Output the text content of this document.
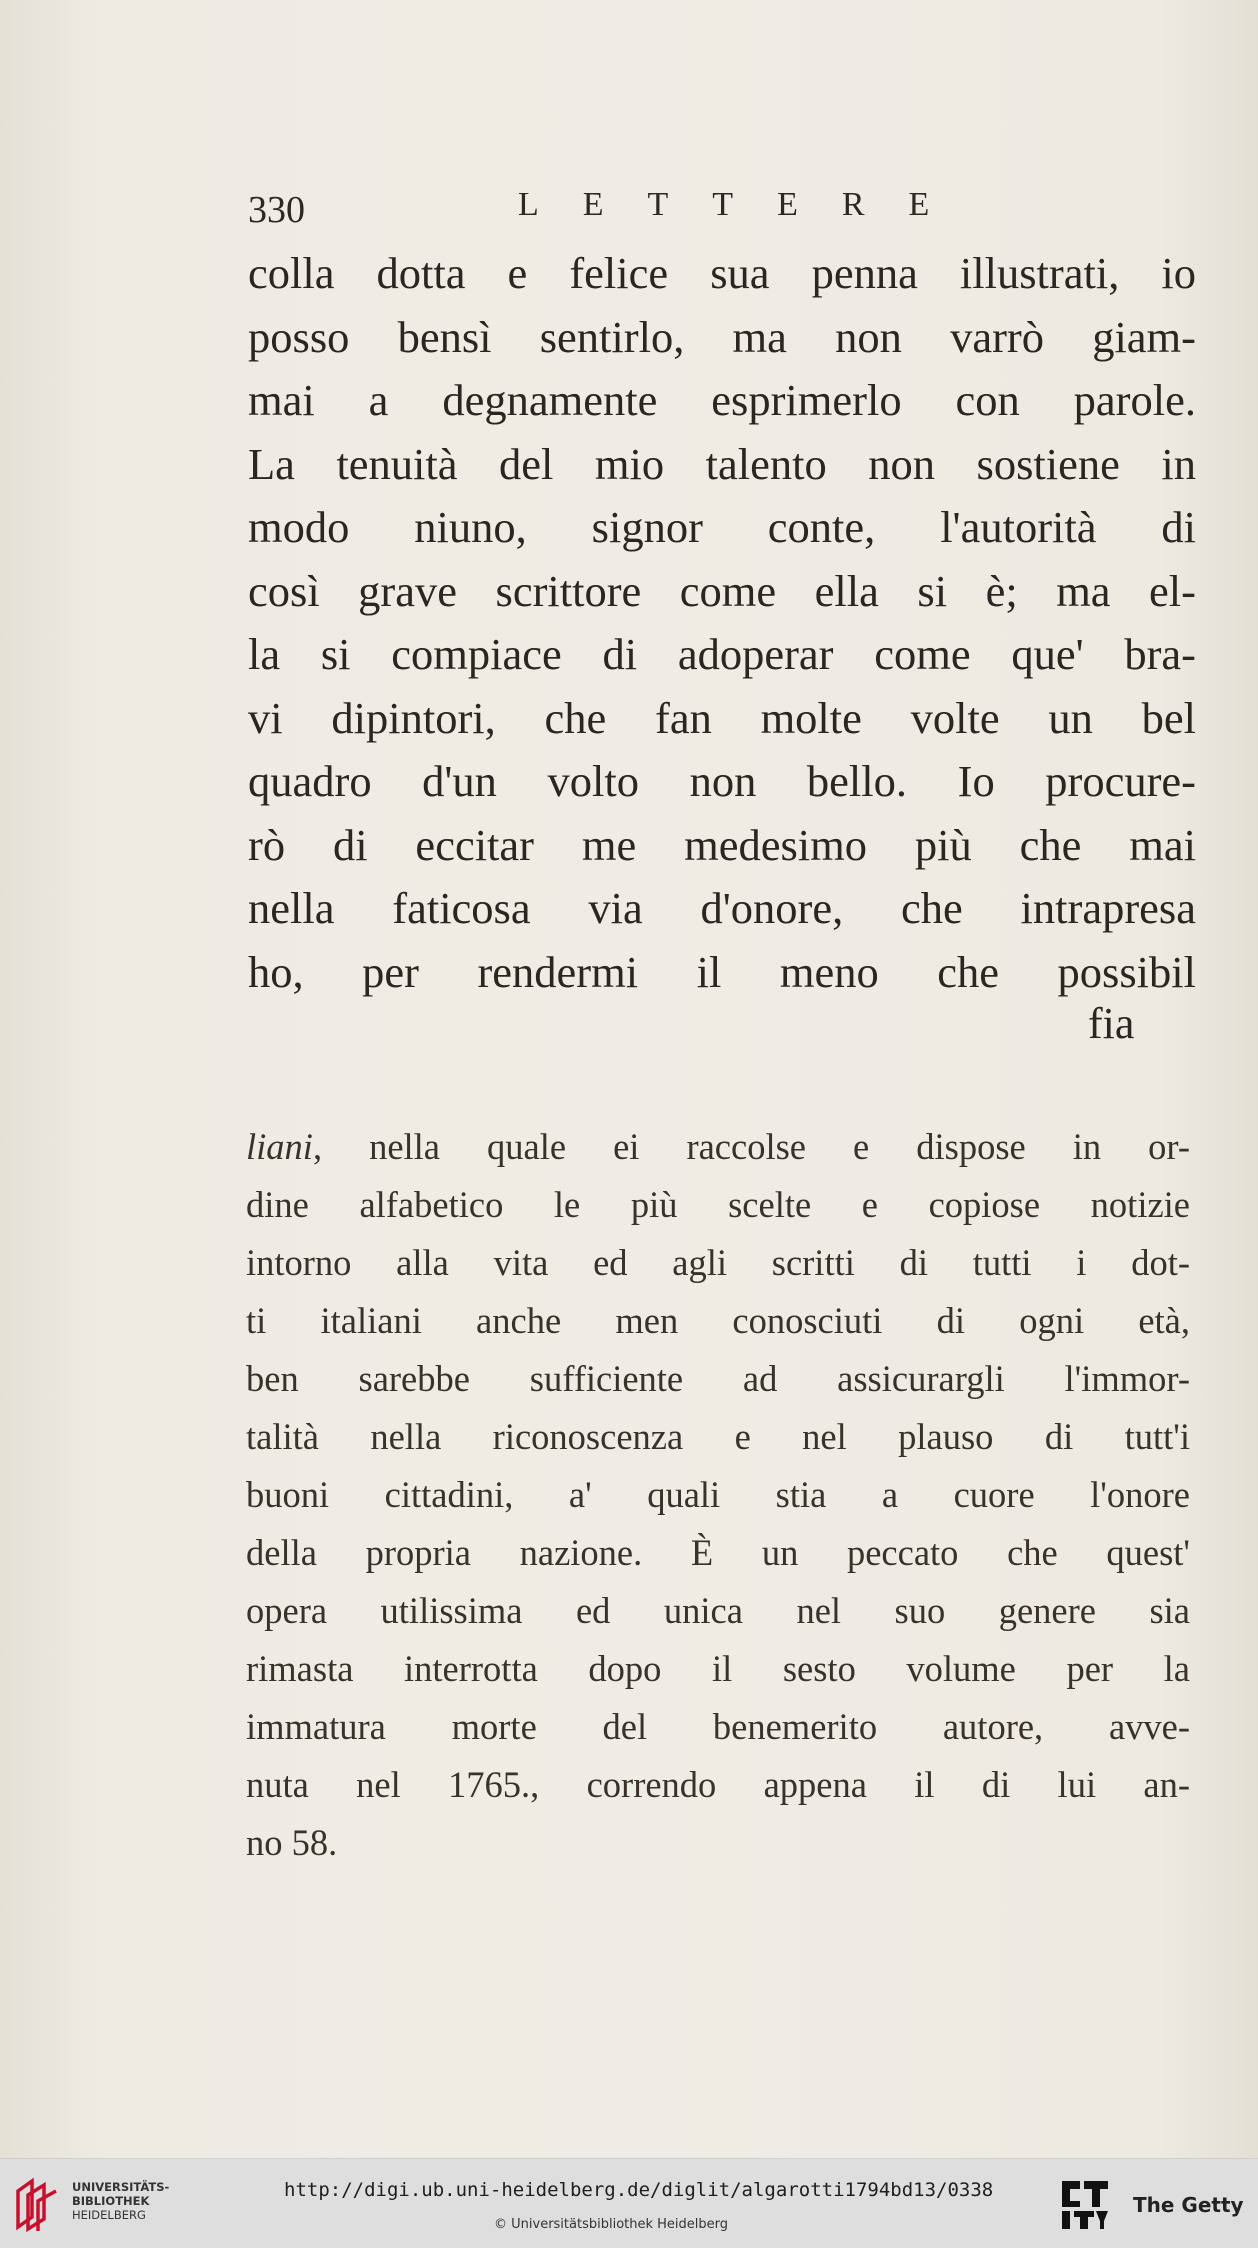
330	LETTERE
colla dotta e felice sua penna illustrati, io
posso bensì sentirlo, ma non varrò giam-
mai a degnamente esprimerlo con parole.
La tenuità del mio talento non sostiene in
modo niuno, signor conte, l'autorità di
così grave scrittore come ella si è; ma el-
la si compiace di adoperar come que' bra-
vi dipintori, che fan molte volte un bel
quadro d'un volto non bello. Io procure-
rò di eccitar me medesimo più che mai
nella faticosa via d'onore, che intrapresa
ho, per rendermi il meno che possibil
fia
liani, nella quale ei raccolse e dispose in or-
dine alfabetico le più scelte e copiose notizie
intorno alla vita ed agli scritti di tutti i dot-
ti italiani anche men conosciuti di ogni età,
ben sarebbe sufficiente ad assicurargli l'immor-
talità nella riconoscenza e nel plauso di tutt'i
buoni cittadini, a' quali stia a cuore l'onore
della propria nazione. È un peccato che quest'
opera utilissima ed unica nel suo genere sia
rimasta interrotta dopo il sesto volume per la
immatura morte del benemerito autore, avve-
nuta nel 1765., correndo appena il di lui an-
no 58.
UNIVERSITÄTS-
BIBLIOTHEK
HEIDELBERG
http://digi.ub.uni-heidelberg.de/diglit/algarotti1794bd13/0338
© Universitätsbibliothek Heidelberg
The Getty
